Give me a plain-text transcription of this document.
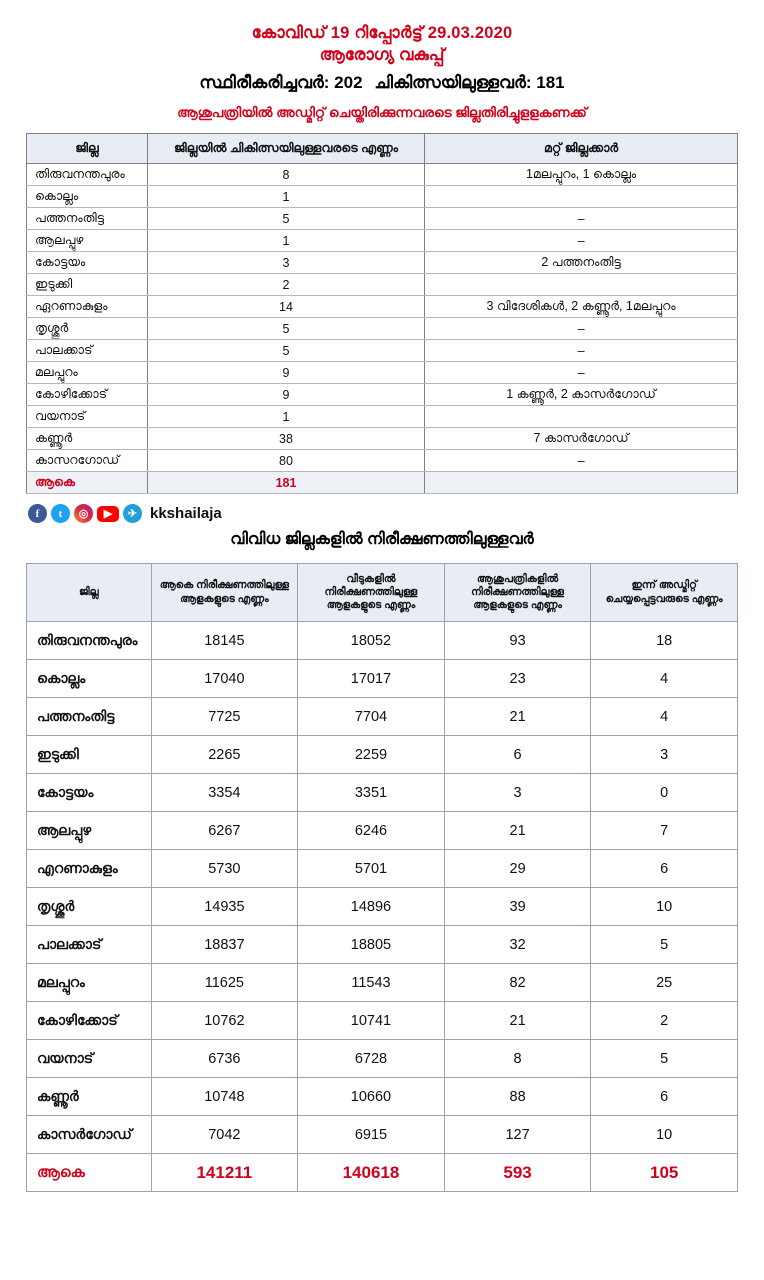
കോവിഡ് 19 റിപ്പോർട്ട് 29.03.2020
ആരോഗ്യ വകുപ്പ്
സ്ഥിരീകരിച്ചവർ: 202 ചികിത്സയിലുള്ളവർ: 181
ആശുപത്രിയിൽ അഡ്മിറ്റ് ചെയ്തിരിക്കുന്നവരടെ ജില്ലതിരിച്ചുളളകണക്ക്
ജില്ല	ജില്ലയിൽ ചികിത്സയിലുള്ളവരടെ എണ്ണം	മറ്റ് ജില്ലക്കാർ
തിരുവനന്തപുരം	8	1മലപ്പുറം, 1 കൊല്ലം
കൊല്ലം	1	
പത്തനംതിട്ട	5	–
ആലപ്പുഴ	1	–
കോട്ടയം	3	2 പത്തനംതിട്ട
ഇടുക്കി	2	
ഏറണാകുളം	14	3 വിദേശികൾ, 2 കണ്ണൂർ, 1മലപ്പുറം
തൃശ്ശൂർ	5	–
പാലക്കാട്	5	–
മലപ്പുറം	9	–
കോഴിക്കോട്	9	1 കണ്ണൂർ, 2 കാസർഗോഡ്
വയനാട്	1	
കണ്ണൂർ	38	7 കാസർഗോഡ്
കാസറഗോഡ്	80	–
ആകെ	181	
f	t	◎	▶	✈ kkshailaja
വിവിധ ജില്ലകളിൽ നിരീക്ഷണത്തിലുള്ളവർ
ജില്ല	ആകെ നിരീക്ഷണത്തിലുള്ള ആളകളുടെ എണ്ണം	വീടുകളിൽ നിരീക്ഷണത്തിലുള്ള ആളകളുടെ എണ്ണം	ആശുപത്രികളിൽ നിരീക്ഷണത്തിലുള്ള ആളകളുടെ എണ്ണം	ഇന്ന് അഡ്മിറ്റ് ചെയ്യപ്പെട്ടവരുടെ എണ്ണം
തിരുവനന്തപുരം	18145	18052	93	18
കൊല്ലം	17040	17017	23	4
പത്തനംതിട്ട	7725	7704	21	4
ഇടുക്കി	2265	2259	6	3
കോട്ടയം	3354	3351	3	0
ആലപ്പുഴ	6267	6246	21	7
എറണാകുളം	5730	5701	29	6
തൃശ്ശൂർ	14935	14896	39	10
പാലക്കാട്	18837	18805	32	5
മലപ്പുറം	11625	11543	82	25
കോഴിക്കോട്	10762	10741	21	2
വയനാട്	6736	6728	8	5
കണ്ണൂർ	10748	10660	88	6
കാസർഗോഡ്	7042	6915	127	10
ആകെ	141211	140618	593	105
